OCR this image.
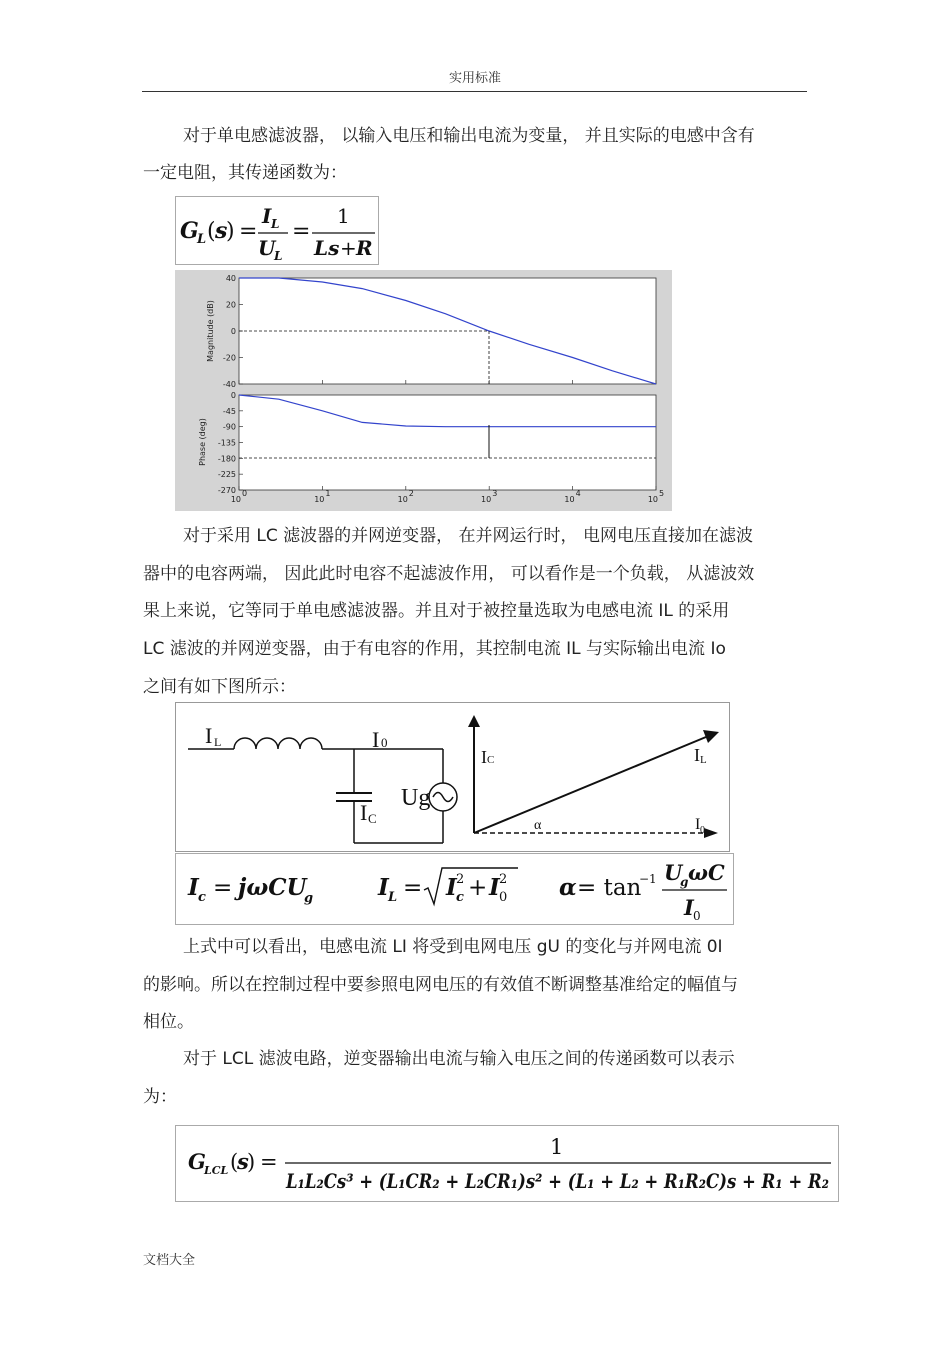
实用标准
对于单电感滤波器， 以输入电压和输出电流为变量， 并且实际的电感中含有
一定电阻，其传递函数为：
G
L ( s
) =
I L
U
L
=
1
Ls + R
40
20
0
-20
-40
0
-45
-90
-135
-180
-225
-270
10
0
10
1
10
2
10
3
10
4
10
5
Magnitude (dB)
Phase (deg)
对于采用 LC 滤波器的并网逆变器， 在并网运行时， 电网电压直接加在滤波
器中的电容两端， 因此此时电容不起滤波作用， 可以看作是一个负载， 从滤波效
果上来说，它等同于单电感滤波器。并且对于被控量选取为电感电流 IL 的采用
LC 滤波的并网逆变器，由于有电容的作用，其控制电流 IL 与实际输出电流 Io
之间有如下图所示：
I L	I 0
I C
Ug
I C	I L
α	I 0
I c = jωCU
g	I L = I 2
c + I 2
0 α = tan
−1 U
g ωC
I 0
上式中可以看出，电感电流 LI 将受到电网电压 gU 的变化与并网电流 0I
的影响。所以在控制过程中要参照电网电压的有效值不断调整基准给定的幅值与
相位。
对于 LCL 滤波电路，逆变器输出电流与输入电压之间的传递函数可以表示
为：
G
LCL (
s
) =
1
L₁L₂Cs³ + (L₁CR₂ + L₂CR₁)s² + (L₁ + L₂ + R₁R₂C)s + R₁ + R₂
文档大全
